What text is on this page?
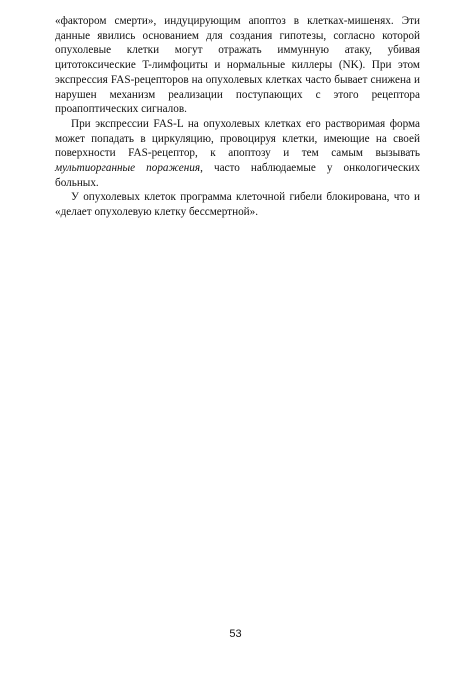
«фактором смерти», индуцирующим апоптоз в клетках-мишенях. Эти данные явились основанием для создания гипотезы, согласно которой опухолевые клетки могут отражать иммунную атаку, убивая цитотоксические T-лимфоциты и нормальные киллеры (NK). При этом экспрессия FAS-рецепторов на опухолевых клетках часто бывает снижена и нарушен механизм реализации поступающих с этого рецептора проапоптических сигналов.

При экспрессии FAS-L на опухолевых клетках его растворимая форма может попадать в циркуляцию, провоцируя клетки, имеющие на своей поверхности FAS-рецептор, к апоптозу и тем самым вызывать мультиорганные поражения, часто наблюдаемые у онкологических больных.

У опухолевых клеток программа клеточной гибели блокирована, что и «делает опухолевую клетку бессмертной».

53
